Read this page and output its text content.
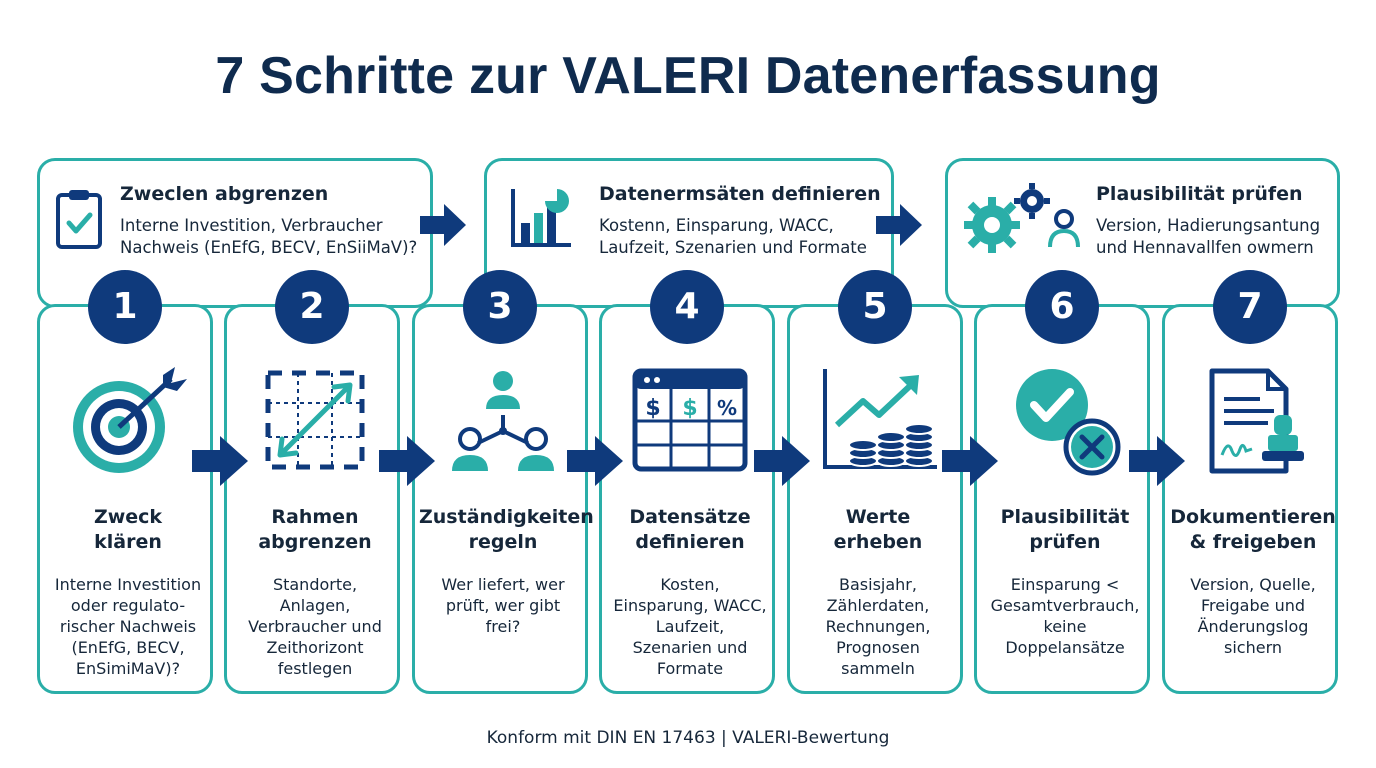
7 Schritte zur VALERI Datenerfassung
Zweclen abgrenzen
Interne Investition, Verbraucher
Nachweis (EnEfG, BECV, EnSiiMaV)?
Datenermsäten definieren
Kostenn, Einsparung, WACC,
Laufzeit, Szenarien und Formate
Plausibilität prüfen
Version, Hadierungsantung
und Hennavallfen owmern
Zweck
klären
Interne Investition
oder regulato-
rischer Nachweis
(EnEfG, BECV,
EnSimiMaV)?
Rahmen
abgrenzen
Standorte,
Anlagen,
Verbraucher und
Zeithorizont
festlegen
Zuständigkeiten
regeln
Wer liefert, wer
prüft, wer gibt
frei?
$ $ %
Datensätze
definieren
Kosten,
Einsparung, WACC,
Laufzeit,
Szenarien und
Formate
Werte
erheben
Basisjahr,
Zählerdaten,
Rechnungen,
Prognosen
sammeln
Plausibilität
prüfen
Einsparung <
Gesamtverbrauch,
keine
Doppelansätze
Dokumentieren
& freigeben
Version, Quelle,
Freigabe und
Änderungslog
sichern
1	2	3	4	5	6	7
Konform mit DIN EN 17463 | VALERI-Bewertung
